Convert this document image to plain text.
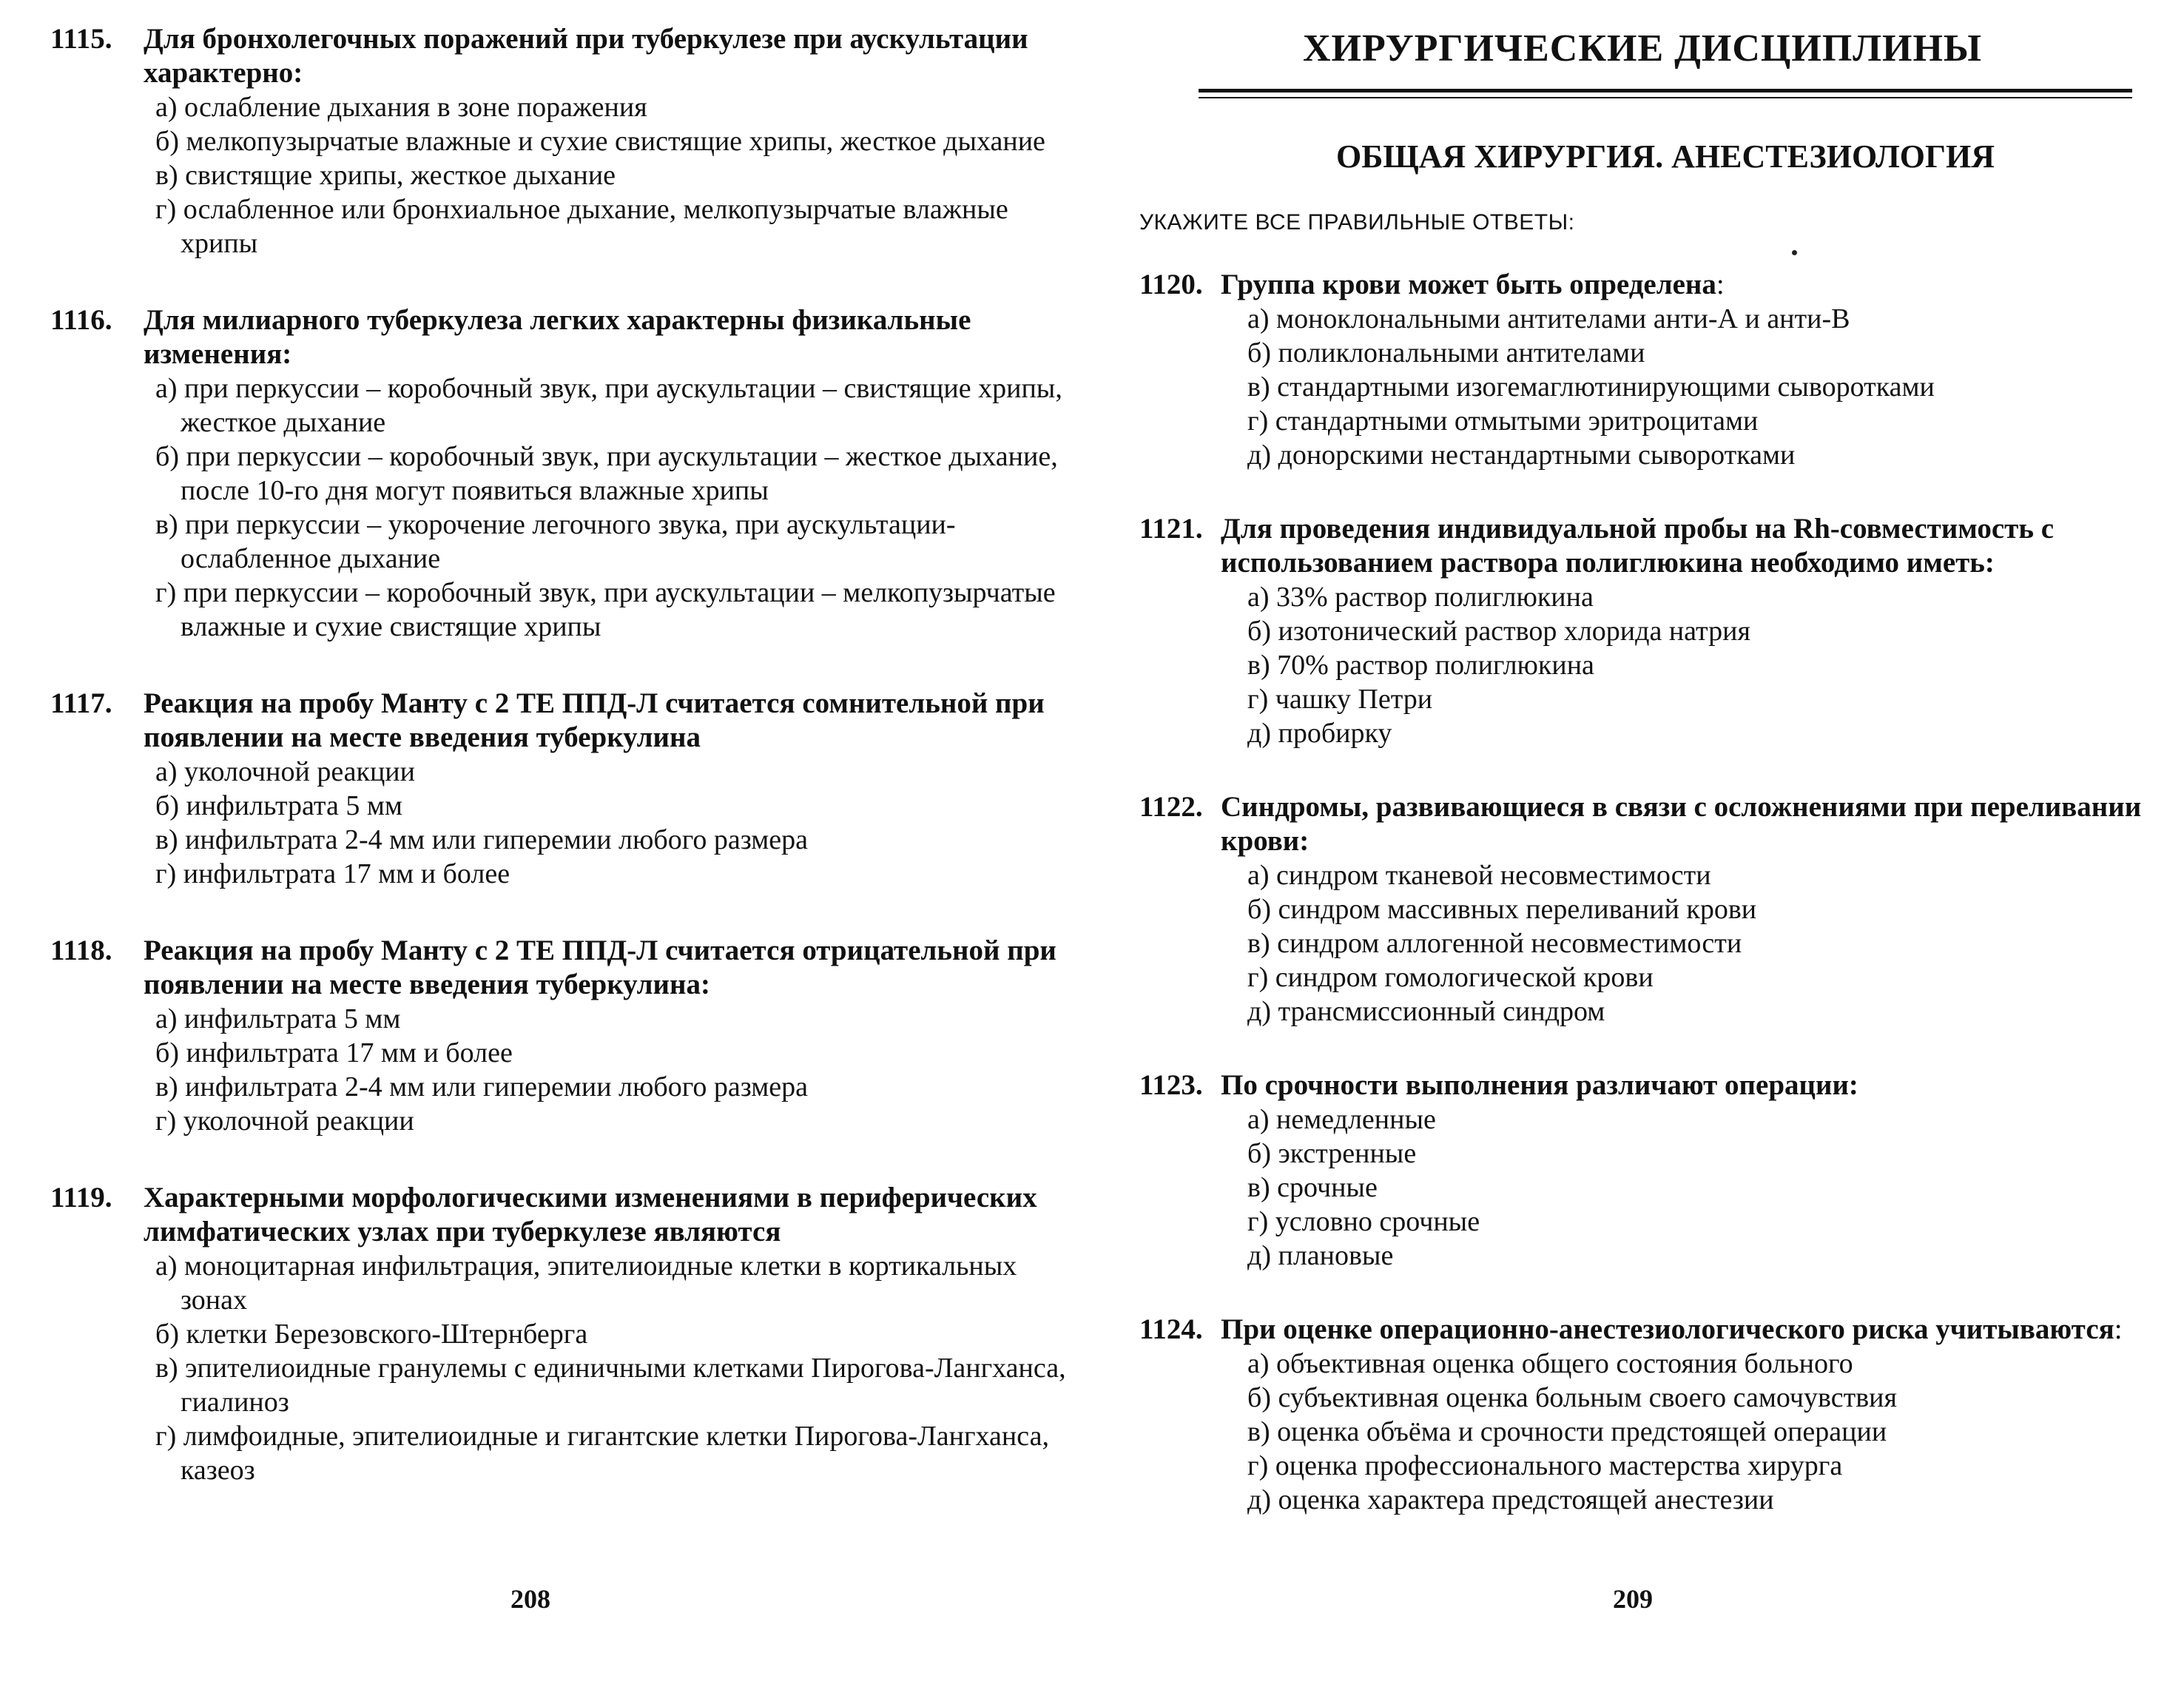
1115. Для бронхолегочных поражений при туберкулезе при аускультации характерно:

а) ослабление дыхания в зоне поражения
б) мелкопузырчатые влажные и сухие свистящие хрипы, жесткое дыхание
в) свистящие хрипы, жесткое дыхание
г) ослабленное или бронхиальное дыхание, мелкопузырчатые влажные хрипы

1116. Для милиарного туберкулеза легких характерны физикальные изменения:

а) при перкуссии – коробочный звук, при аускультации – свистящие хрипы, жесткое дыхание
б) при перкуссии – коробочный звук, при аускультации – жесткое дыхание, после 10-го дня могут появиться влажные хрипы
в) при перкуссии – укорочение легочного звука, при аускультации-ослабленное дыхание
г) при перкуссии – коробочный звук, при аускультации – мелкопузырчатые влажные и сухие свистящие хрипы

1117. Реакция на пробу Манту с 2 ТЕ ППД-Л считается сомнительной при появлении на месте введения туберкулина

а) уколочной реакции
б) инфильтрата 5 мм
в) инфильтрата 2-4 мм или гиперемии любого размера
г) инфильтрата 17 мм и более

1118. Реакция на пробу Манту с 2 ТЕ ППД-Л считается отрицательной при появлении на месте введения туберкулина:

а) инфильтрата 5 мм
б) инфильтрата 17 мм и более
в) инфильтрата 2-4 мм или гиперемии любого размера
г) уколочной реакции

1119. Характерными морфологическими изменениями в периферических лимфатических узлах при туберкулезе являются

а) моноцитарная инфильтрация, эпителиоидные клетки в кортикальных зонах
б) клетки Березовского-Штернберга
в) эпителиоидные гранулемы с единичными клетками Пирогова-Лангханса, гиалиноз
г) лимфоидные, эпителиоидные и гигантские клетки Пирогова-Лангханса, казеоз

208

ХИРУРГИЧЕСКИЕ ДИСЦИПЛИНЫ
ОБЩАЯ ХИРУРГИЯ. АНЕСТЕЗИОЛОГИЯ

УКАЖИТЕ ВСЕ ПРАВИЛЬНЫЕ ОТВЕТЫ:

1120. Группа крови может быть определена:

а) моноклональными антителами анти-А и анти-В
б) поликлональными антителами
в) стандартными изогемаглютинирующими сыворотками
г) стандартными отмытыми эритроцитами
д) донорскими нестандартными сыворотками

1121. Для проведения индивидуальной пробы на Rh-совместимость с использованием раствора полиглюкина необходимо иметь:

а) 33% раствор полиглюкина
б) изотонический раствор хлорида натрия
в) 70% раствор полиглюкина
г) чашку Петри
д) пробирку

1122. Синдромы, развивающиеся в связи с осложнениями при переливании крови:

а) синдром тканевой несовместимости
б) синдром массивных переливаний крови
в) синдром аллогенной несовместимости
г) синдром гомологической крови
д) трансмиссионный синдром

1123. По срочности выполнения различают операции:

а) немедленные
б) экстренные
в) срочные
г) условно срочные
д) плановые

1124. При оценке операционно-анестезиологического риска учитываются:

а) объективная оценка общего состояния больного
б) субъективная оценка больным своего самочувствия
в) оценка объёма и срочности предстоящей операции
г) оценка профессионального мастерства хирурга
д) оценка характера предстоящей анестезии

209
